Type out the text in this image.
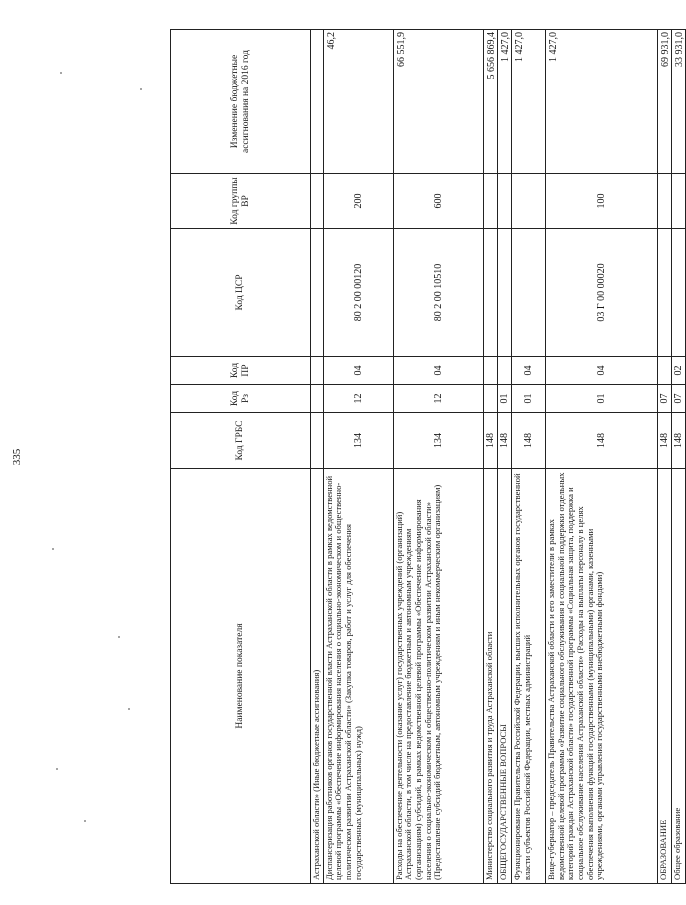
335
Наименование показателя	Код ГРБС	Код Рз	Код ПР	Код ЦСР	Код группы ВР	Изменение бюджетные ассигнования на 2016 год
Астраханской области» (Иные бюджетные ассигнования)						
Диспансеризация работников органов государственной власти Астраханской области в рамках ведомственной целевой программы «Обеспечение информирования населения о социально-экономическом и общественно-политическом развитии Астраханской области» (Закупка товаров, работ и услуг для обеспечения государственных (муниципальных) нужд)	134	12	04	80 2 00 00120	200	46,2
Расходы на обеспечение деятельности (оказание услуг) государственных учреждений (организаций) Астраханской области, в том числе на предоставление бюджетным и автономным учреждениям (организациям) субсидий, в рамках ведомственной целевой программы «Обеспечение информирования населения о социально-экономическом и общественно-политическом развитии Астраханской области» (Предоставление субсидий бюджетным, автономным учреждениям и иным некоммерческим организациям)	134	12	04	80 2 00 10510	600	66 551,9
Министерство социального развития и труда Астраханской области	148					5 656 869,4
ОБЩЕГОСУДАРСТВЕННЫЕ ВОПРОСЫ	148	01				1 427,0
Функционирование Правительства Российской Федерации, высших исполнительных органов государственной власти субъектов Российской Федерации, местных администраций	148	01	04			1 427,0
Вице-губернатор – председатель Правительства Астраханской области и его заместители в рамках ведомственной целевой программы «Развитие социального обслуживания и социальной поддержки отдельных категорий граждан Астраханской области» государственной программы «Социальная защита, поддержка и социальное обслуживание населения Астраханской области» (Расходы на выплаты персоналу в целях обеспечения выполнения функций государственными (муниципальными) органами, казенными учреждениями, органами управления государственными внебюджетными фондами)	148	01	04	03 Г 00 00020	100	1 427,0
ОБРАЗОВАНИЕ	148	07				69 931,0
Общее образование	148	07	02			33 931,0
